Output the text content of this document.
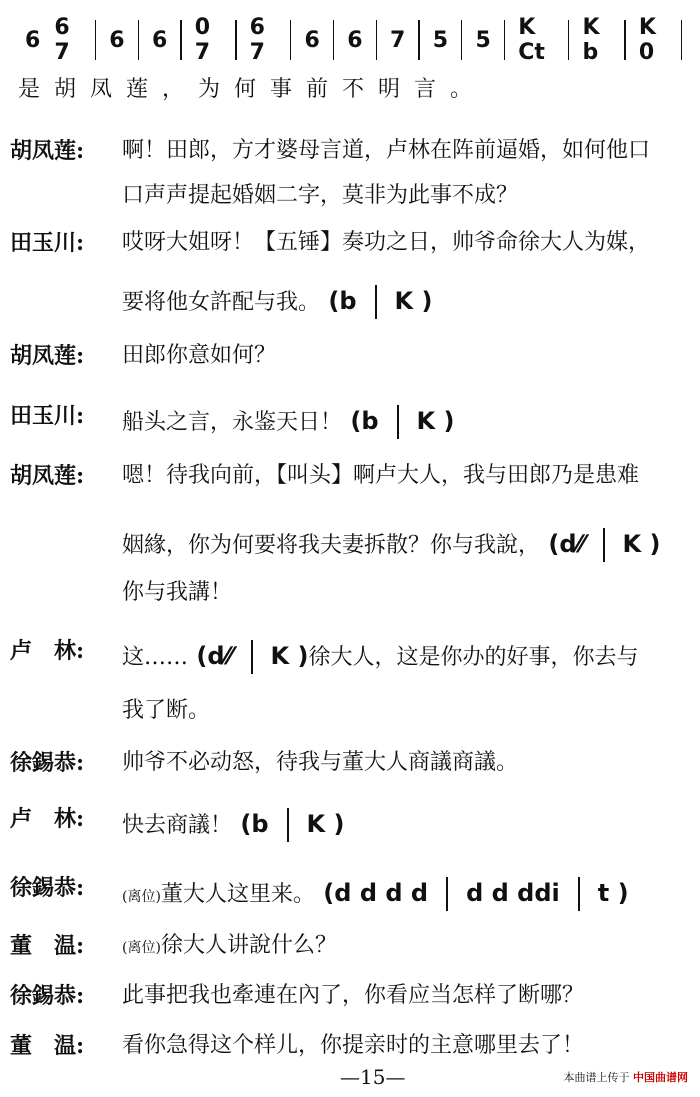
6 6 7	6 6 0 7
6 7	6 6 7 5 5 K Ct
K b
K 0
是胡凤莲，为何事前不明言。
胡凤莲:	啊！田郎，方才婆母言道，卢林在阵前逼婚，如何他口
口声声提起婚姻二字，莫非为此事不成？
田玉川:	哎呀大姐呀！【五锤】奏功之日，帅爷命徐大人为媒，
要将他女許配与我。 (b K )
胡凤莲:	田郎你意如何？
田玉川:	船头之言，永鉴天日！ (b K )
胡凤莲:	嗯！待我向前，【叫头】啊卢大人，我与田郎乃是患难
姻緣，你为何要将我夫妻拆散？你与我說， (d⁄⁄ K )
你与我講！
卢　林:	这…… (d⁄⁄ K )徐大人，这是你办的好事，你去与
我了断。
徐錫恭:	帅爷不必动怒，待我与董大人商議商議。
卢　林:	快去商議！ (b K )
徐錫恭:	(离位)董大人这里来。 (d d d d d d ddi t )
董　温:	(离位)徐大人讲說什么？
徐錫恭:	此事把我也牽連在內了，你看应当怎样了断哪？
董　温:	看你急得这个样儿，你提亲时的主意哪里去了！
—15—	本曲谱上传于 中国曲谱网
